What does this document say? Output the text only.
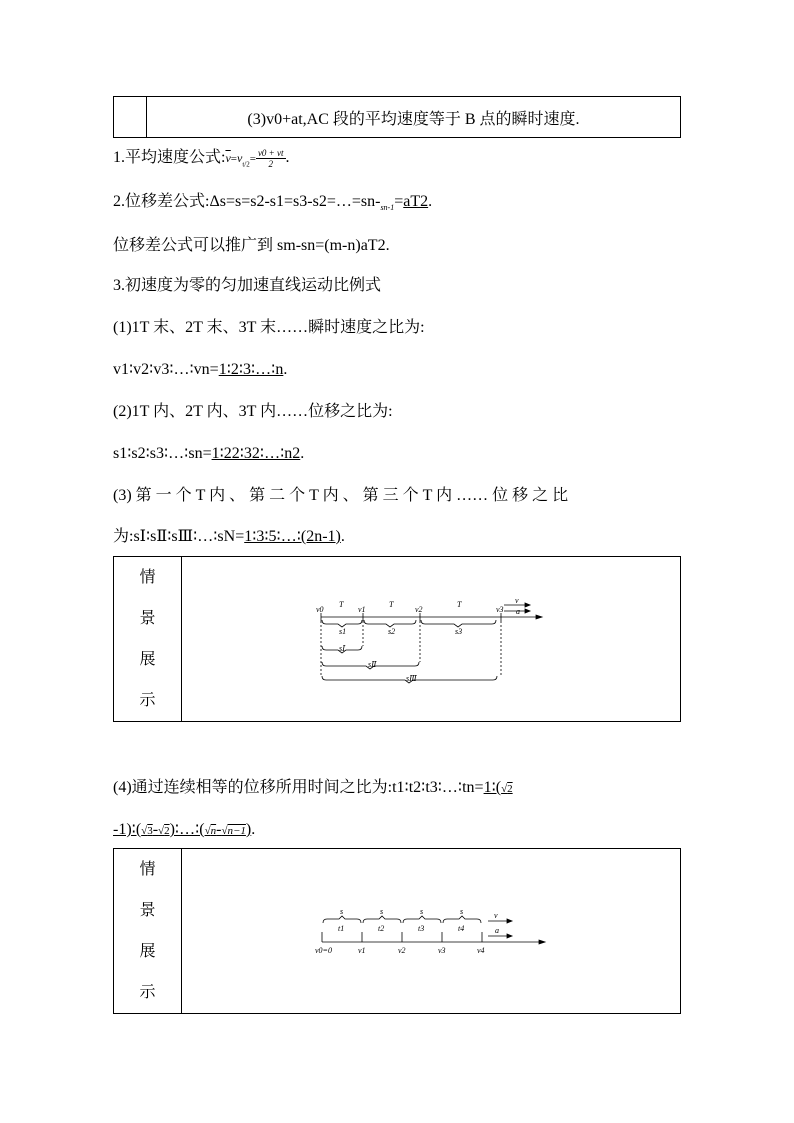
	(3)v0+at,AC 段的平均速度等于 B 点的瞬时速度.
1.平均速度公式$:\overline{v}=v_{t/2}= \frac{v0 + vt}{2}$ .
2.位移差公式$:\Delta s=s=s2-s1=s3-s2=\dots=sn-_{sn-1}=aT2$.
位移差公式可以推广到 sm-sn=(m-n)aT2.
3.初速度为零的匀加速直线运动比例式
(1)1T 末、2T 末、3T 末……瞬时速度之比为:
v1∶v2∶v3∶…∶vn=1∶2∶3∶…∶n.
(2)1T 内、2T 内、3T 内……位移之比为:
s1∶s2∶s3∶…∶sn=1∶22∶32∶…∶n2.
(3) 第 一 个 T 内 、 第 二 个 T 内 、 第 三 个 T 内 …… 位 移 之 比
为:sⅠ∶sⅡ∶sⅢ∶…∶sN=1∶3∶5∶…∶(2n-1).
情
景
展
示

v0	v1	v2	v3
T	T	T	v
a
s1	s2	s3
sⅠ
sⅡ
sⅢ
(4)通过连续相等的位移所用时间之比为:t1∶t2∶t3∶…∶tn=1∶(√2
-1)∶(√3-√2)∶…∶(√n-√n−1).
情
景
展
示

s	s	s	s
t1	t2	t3	t4
v
a
v0=0	v1	v2	v3	v4
